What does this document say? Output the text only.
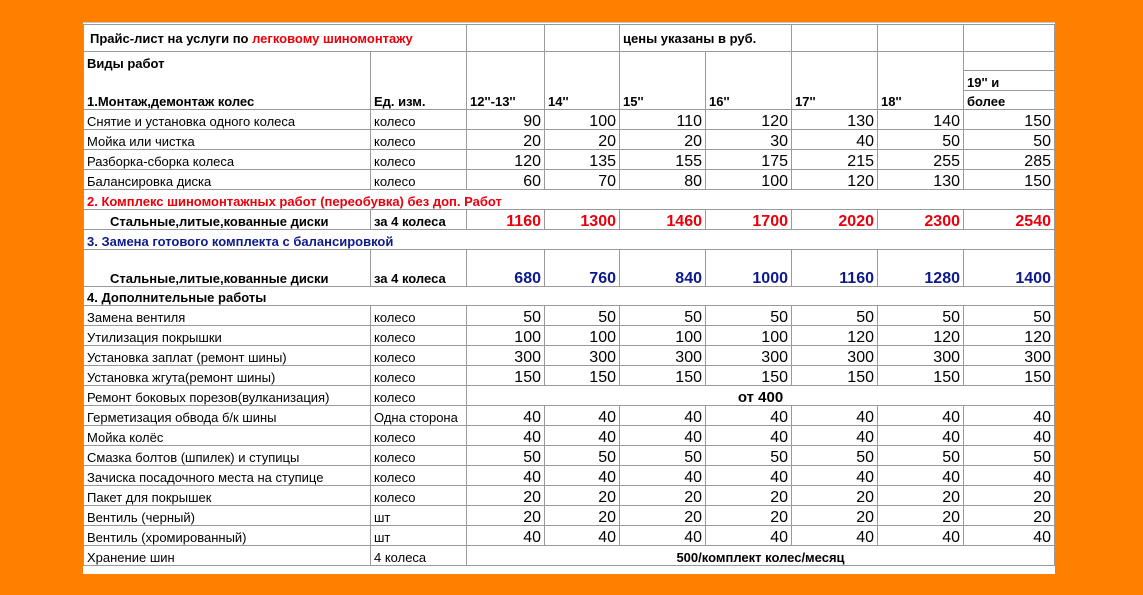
Прайс-лист на услуги по легковому шиномонтажу				цены указаны в руб.				
Виды работ								
								19'' и
1.Монтаж,демонтаж колес	Ед. изм.	12''-13''	14''	15''	16''	17''	18''	более
Снятие и установка одного колеса	колесо	90	100	110	120	130	140	150
Мойка или чистка	колесо	20	20	20	30	40	50	50
Разборка-сборка колеса	колесо	120	135	155	175	215	255	285
Балансировка диска	колесо	60	70	80	100	120	130	150
2. Комплекс шиномонтажных работ (переобувка) без доп. Работ								
Стальные,литые,кованные диски	за 4 колеса	1160	1300	1460	1700	2020	2300	2540
3. Замена готового комплекта с балансировкой								
Стальные,литые,кованные диски	за 4 колеса	680	760	840	1000	1160	1280	1400
4. Дополнительные работы								
Замена вентиля	колесо	50	50	50	50	50	50	50
Утилизация покрышки	колесо	100	100	100	100	120	120	120
Установка заплат (ремонт шины)	колесо	300	300	300	300	300	300	300
Установка жгута(ремонт шины)	колесо	150	150	150	150	150	150	150
Ремонт боковых порезов(вулканизация)	колесо	от 400						
Герметизация обвода б/к шины	Одна сторона	40	40	40	40	40	40	40
Мойка колёс	колесо	40	40	40	40	40	40	40
Смазка болтов (шпилек) и ступицы	колесо	50	50	50	50	50	50	50
Зачиска посадочного места на ступице	колесо	40	40	40	40	40	40	40
Пакет для покрышек	колесо	20	20	20	20	20	20	20
Вентиль (черный)	шт	20	20	20	20	20	20	20
Вентиль (хромированный)	шт	40	40	40	40	40	40	40
Хранение шин	4 колеса	500/комплект колес/месяц						
